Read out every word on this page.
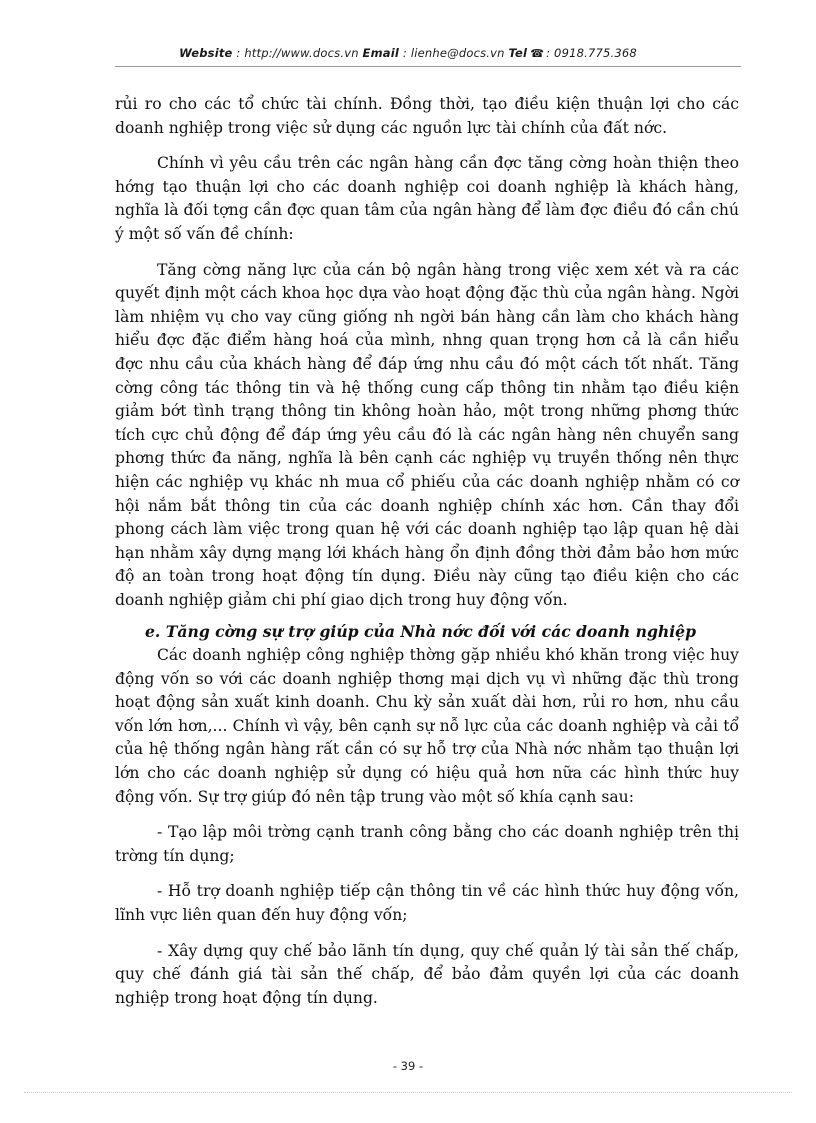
Website : http://www.docs.vn Email : lienhe@docs.vn Tel ☎ : 0918.775.368

rủi ro cho các tổ chức tài chính. Đồng thời, tạo điều kiện thuận lợi cho các doanh nghiệp trong việc sử dụng các nguồn lực tài chính của đất nớc.

Chính vì yêu cầu trên các ngân hàng cần đợc tăng cờng hoàn thiện theo hớng tạo thuận lợi cho các doanh nghiệp coi doanh nghiệp là khách hàng, nghĩa là đối tợng cần đợc quan tâm của ngân hàng để làm đợc điều đó cần chú ý một số vấn đề chính:

Tăng cờng năng lực của cán bộ ngân hàng trong việc xem xét và ra các quyết định một cách khoa học dựa vào hoạt động đặc thù của ngân hàng. Ngời làm nhiệm vụ cho vay cũng giống nh ngời bán hàng cần làm cho khách hàng hiểu đợc đặc điểm hàng hoá của mình, nhng quan trọng hơn cả là cần hiểu đợc nhu cầu của khách hàng để đáp ứng nhu cầu đó một cách tốt nhất. Tăng cờng công tác thông tin và hệ thống cung cấp thông tin nhằm tạo điều kiện giảm bớt tình trạng thông tin không hoàn hảo, một trong những phơng thức tích cực chủ động để đáp ứng yêu cầu đó là các ngân hàng nên chuyển sang phơng thức đa năng, nghĩa là bên cạnh các nghiệp vụ truyền thống nên thực hiện các nghiệp vụ khác nh mua cổ phiếu của các doanh nghiệp nhằm có cơ hội nắm bắt thông tin của các doanh nghiệp chính xác hơn. Cần thay đổi phong cách làm việc trong quan hệ với các doanh nghiệp tạo lập quan hệ dài hạn nhằm xây dựng mạng lới khách hàng ổn định đồng thời đảm bảo hơn mức độ an toàn trong hoạt động tín dụng. Điều này cũng tạo điều kiện cho các doanh nghiệp giảm chi phí giao dịch trong huy động vốn.

e. Tăng cờng sự trợ giúp của Nhà nớc đối với các doanh nghiệp

Các doanh nghiệp công nghiệp thờng gặp nhiều khó khăn trong việc huy động vốn so với các doanh nghiệp thơng mại dịch vụ vì những đặc thù trong hoạt động sản xuất kinh doanh. Chu kỳ sản xuất dài hơn, rủi ro hơn, nhu cầu vốn lớn hơn,... Chính vì vậy, bên cạnh sự nỗ lực của các doanh nghiệp và cải tổ của hệ thống ngân hàng rất cần có sự hỗ trợ của Nhà nớc nhằm tạo thuận lợi lớn cho các doanh nghiệp sử dụng có hiệu quả hơn nữa các hình thức huy động vốn. Sự trợ giúp đó nên tập trung vào một số khía cạnh sau:

- Tạo lập môi trờng cạnh tranh công bằng cho các doanh nghiệp trên thị trờng tín dụng;

- Hỗ trợ doanh nghiệp tiếp cận thông tin về các hình thức huy động vốn, lĩnh vực liên quan đến huy động vốn;

- Xây dựng quy chế bảo lãnh tín dụng, quy chế quản lý tài sản thế chấp, quy chế đánh giá tài sản thế chấp, để bảo đảm quyền lợi của các doanh nghiệp trong hoạt động tín dụng.

- 39 -
